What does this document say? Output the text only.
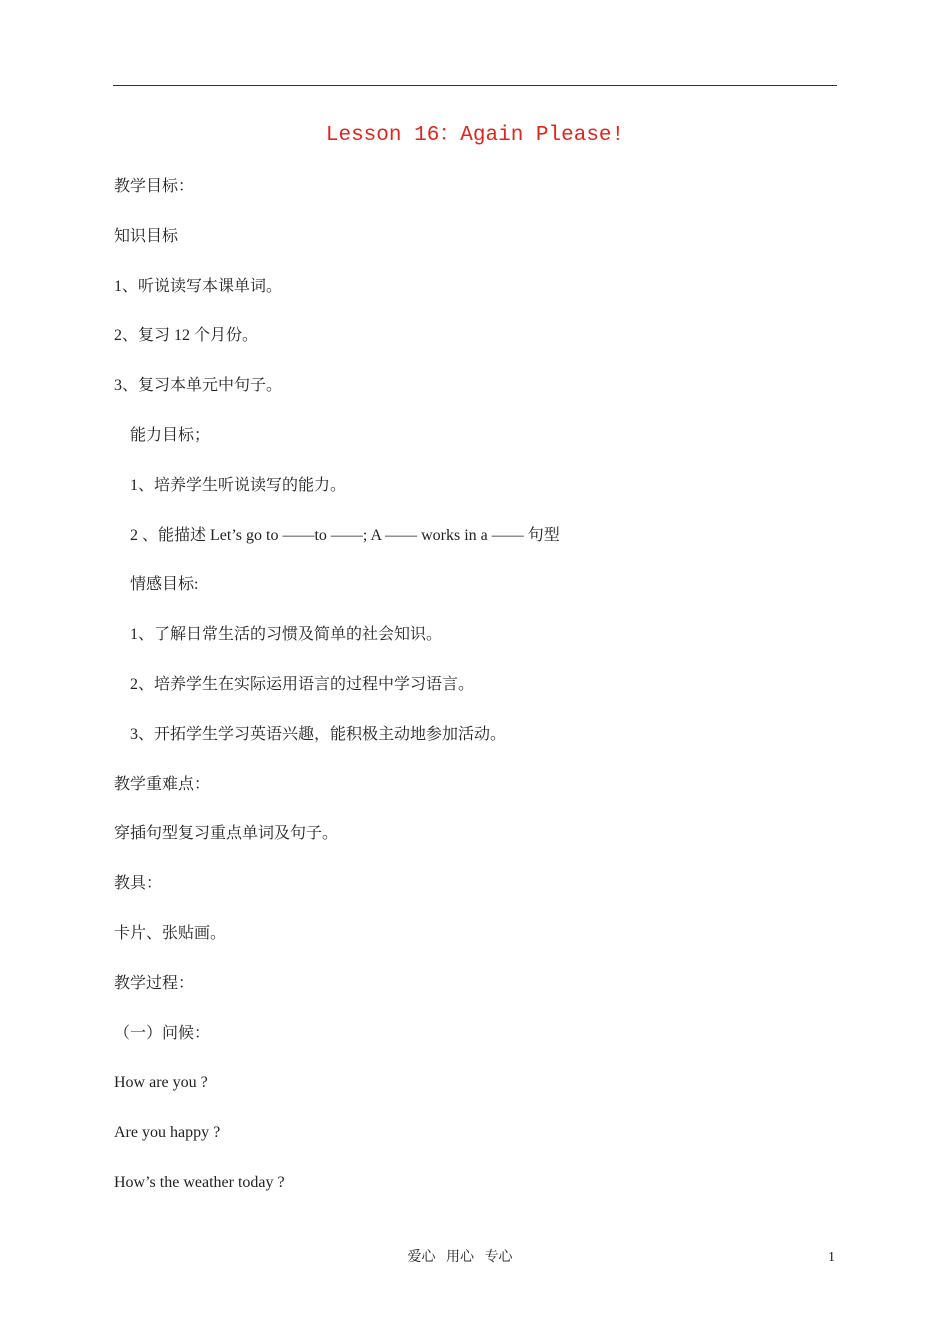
Lesson 16：Again Please!
教学目标：
知识目标
1、听说读写本课单词。
2、复习 12 个月份。
3、复习本单元中句子。
能力目标；
1、培养学生听说读写的能力。
2 、能描述 Let’s go to ——to ——; A —— works in a —— 句型
情感目标:
1、了解日常生活的习惯及简单的社会知识。
2、培养学生在实际运用语言的过程中学习语言。
3、开拓学生学习英语兴趣，能积极主动地参加活动。
教学重难点：
穿插句型复习重点单词及句子。
教具：
卡片、张贴画。
教学过程：
（一）问候：
How are you ?
Are you happy ?
How’s the weather today ?
爱心   用心   专心	1
